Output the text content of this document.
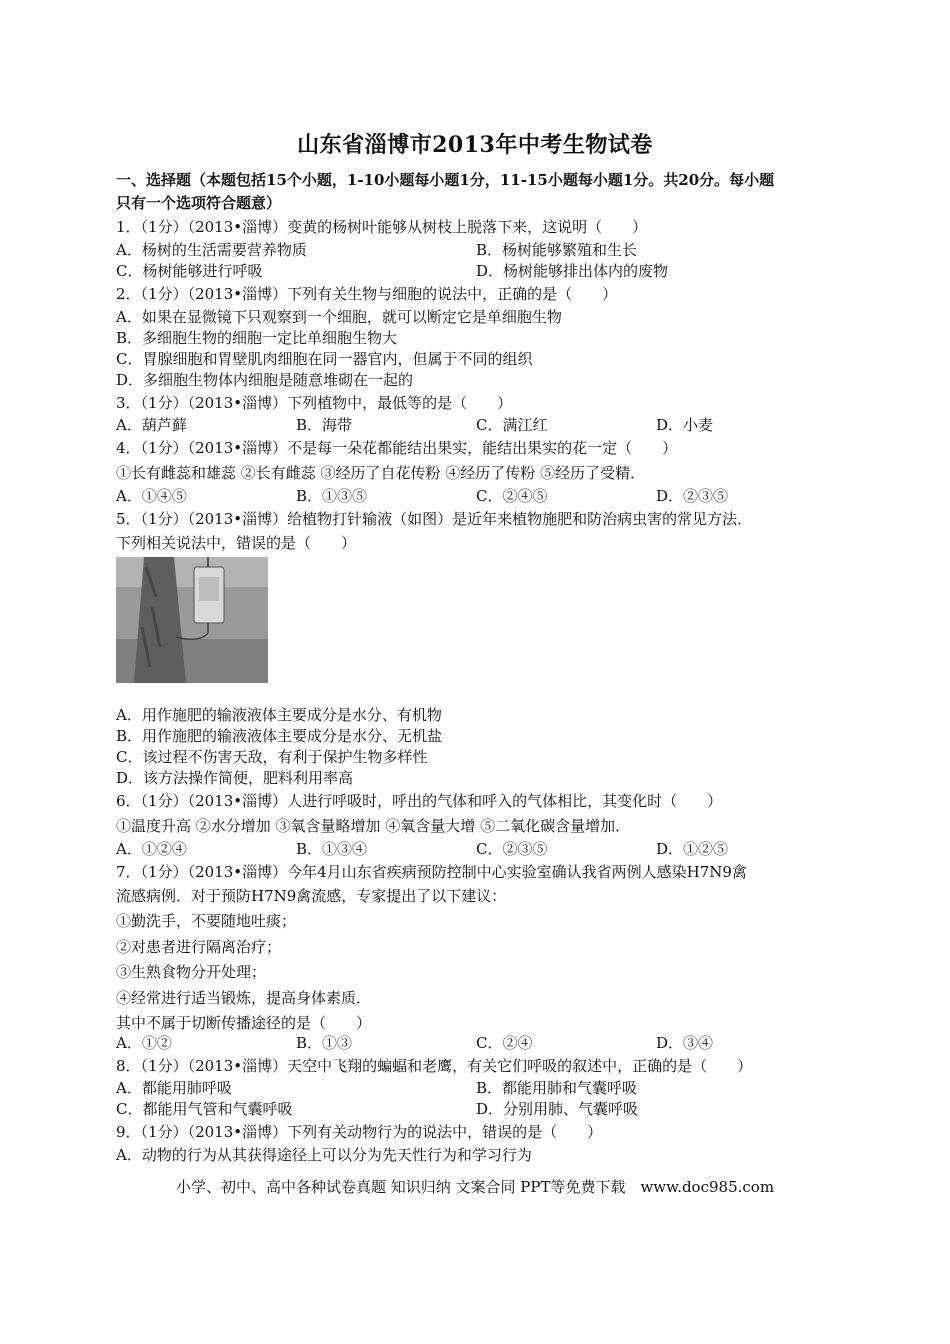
山东省淄博市2013年中考生物试卷
一、选择题（本题包括15个小题，1-10小题每小题1分，11-15小题每小题1分。共20分。每小题
只有一个选项符合题意）
1．（1分）（2013•淄博）变黄的杨树叶能够从树枝上脱落下来，这说明（　　）
A．杨树的生活需要营养物质	B．杨树能够繁殖和生长
C．杨树能够进行呼吸	D．杨树能够排出体内的废物
2．（1分）（2013•淄博）下列有关生物与细胞的说法中，正确的是（　　）
A．如果在显微镜下只观察到一个细胞，就可以断定它是单细胞生物
B．多细胞生物的细胞一定比单细胞生物大
C．胃腺细胞和胃壁肌肉细胞在同一器官内，但属于不同的组织
D．多细胞生物体内细胞是随意堆砌在一起的
3．（1分）（2013•淄博）下列植物中，最低等的是（　　）
A．葫芦藓	B．海带	C．满江红	D．小麦
4．（1分）（2013•淄博）不是每一朵花都能结出果实，能结出果实的花一定（　　）
①长有雌蕊和雄蕊 ②长有雌蕊 ③经历了自花传粉 ④经历了传粉 ⑤经历了受精．
A．①④⑤	B．①③⑤	C．②④⑤	D．②③⑤
5．（1分）（2013•淄博）给植物打针输液（如图）是近年来植物施肥和防治病虫害的常见方法．
下列相关说法中，错误的是（　　）
A．用作施肥的输液液体主要成分是水分、有机物
B．用作施肥的输液液体主要成分是水分、无机盐
C．该过程不伤害天敌，有利于保护生物多样性
D．该方法操作简便，肥料利用率高
6．（1分）（2013•淄博）人进行呼吸时，呼出的气体和呼入的气体相比，其变化时（　　）
①温度升高 ②水分增加 ③氧含量略增加 ④氧含量大增 ⑤二氧化碳含量增加．
A．①②④	B．①③④	C．②③⑤	D．①②⑤
7．（1分）（2013•淄博）今年4月山东省疾病预防控制中心实验室确认我省两例人感染H7N9禽
流感病例．对于预防H7N9禽流感，专家提出了以下建议：
①勤洗手，不要随地吐痰；
②对患者进行隔离治疗；
③生熟食物分开处理；
④经常进行适当锻炼，提高身体素质．
其中不属于切断传播途径的是（　　）
A．①②	B．①③	C．②④	D．③④
8．（1分）（2013•淄博）天空中飞翔的蝙蝠和老鹰，有关它们呼吸的叙述中，正确的是（　　）
A．都能用肺呼吸	B．都能用肺和气囊呼吸
C．都能用气管和气囊呼吸	D．分别用肺、气囊呼吸
9．（1分）（2013•淄博）下列有关动物行为的说法中，错误的是（　　）
A．动物的行为从其获得途径上可以分为先天性行为和学习行为
小学、初中、高中各种试卷真题 知识归纳 文案合同 PPT等免费下载　www.doc985.com
